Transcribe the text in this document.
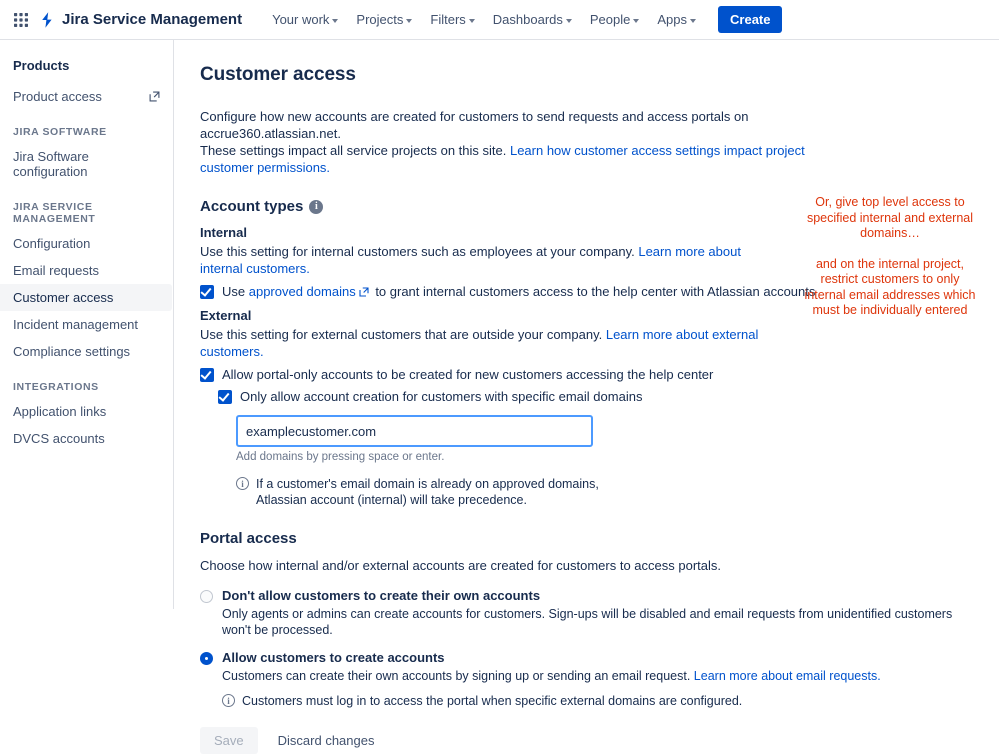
Jira Service Management Your work Projects Filters Dashboards People Apps	Create
Products
Product access
JIRA SOFTWARE
Jira Software configuration
JIRA SERVICE MANAGEMENT
Configuration
Email requests
Customer access
Incident management
Compliance settings
INTEGRATIONS
Application links
DVCS accounts
Customer access
Configure how new accounts are created for customers to send requests and access portals on accrue360.atlassian.net.
These settings impact all service projects on this site. Learn how customer access settings impact project customer permissions.
Account types	i
Internal
Use this setting for internal customers such as employees at your company. Learn more about internal customers.
Use approved domains
to grant internal customers access to the help center with Atlassian accounts
External
Use this setting for external customers that are outside your company. Learn more about external customers.
Allow portal-only accounts to be created for new customers accessing the help center
Only allow account creation for customers with specific email domains
examplecustomer.com
Add domains by pressing space or enter.
i If a customer's email domain is already on approved domains, Atlassian account (internal) will take precedence.
Portal access
Choose how internal and/or external accounts are created for customers to access portals.
Don't allow customers to create their own accounts
Only agents or admins can create accounts for customers. Sign-ups will be disabled and email requests from unidentified customers won't be processed.
Allow customers to create accounts
Customers can create their own accounts by signing up or sending an email request. Learn more about email requests.
i Customers must log in to access the portal when specific external domains are configured.
Save	Discard changes
Or, give top level access to specified internal and external domains…
and on the internal project, restrict customers to only internal email addresses which must be individually entered
